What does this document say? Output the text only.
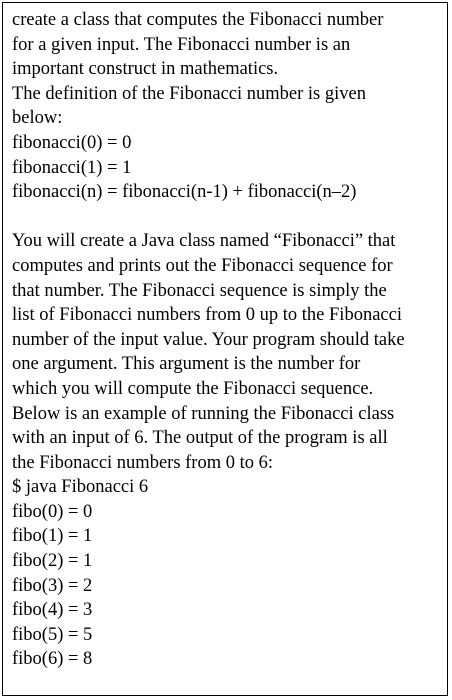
create a class that computes the Fibonacci number
for a given input. The Fibonacci number is an
important construct in mathematics.
The definition of the Fibonacci number is given
below:
fibonacci(0) = 0
fibonacci(1) = 1
fibonacci(n) = fibonacci(n-1) + fibonacci(n–2)
You will create a Java class named “Fibonacci” that
computes and prints out the Fibonacci sequence for
that number. The Fibonacci sequence is simply the
list of Fibonacci numbers from 0 up to the Fibonacci
number of the input value. Your program should take
one argument. This argument is the number for
which you will compute the Fibonacci sequence.
Below is an example of running the Fibonacci class
with an input of 6. The output of the program is all
the Fibonacci numbers from 0 to 6:
$ java Fibonacci 6
fibo(0) = 0
fibo(1) = 1
fibo(2) = 1
fibo(3) = 2
fibo(4) = 3
fibo(5) = 5
fibo(6) = 8
